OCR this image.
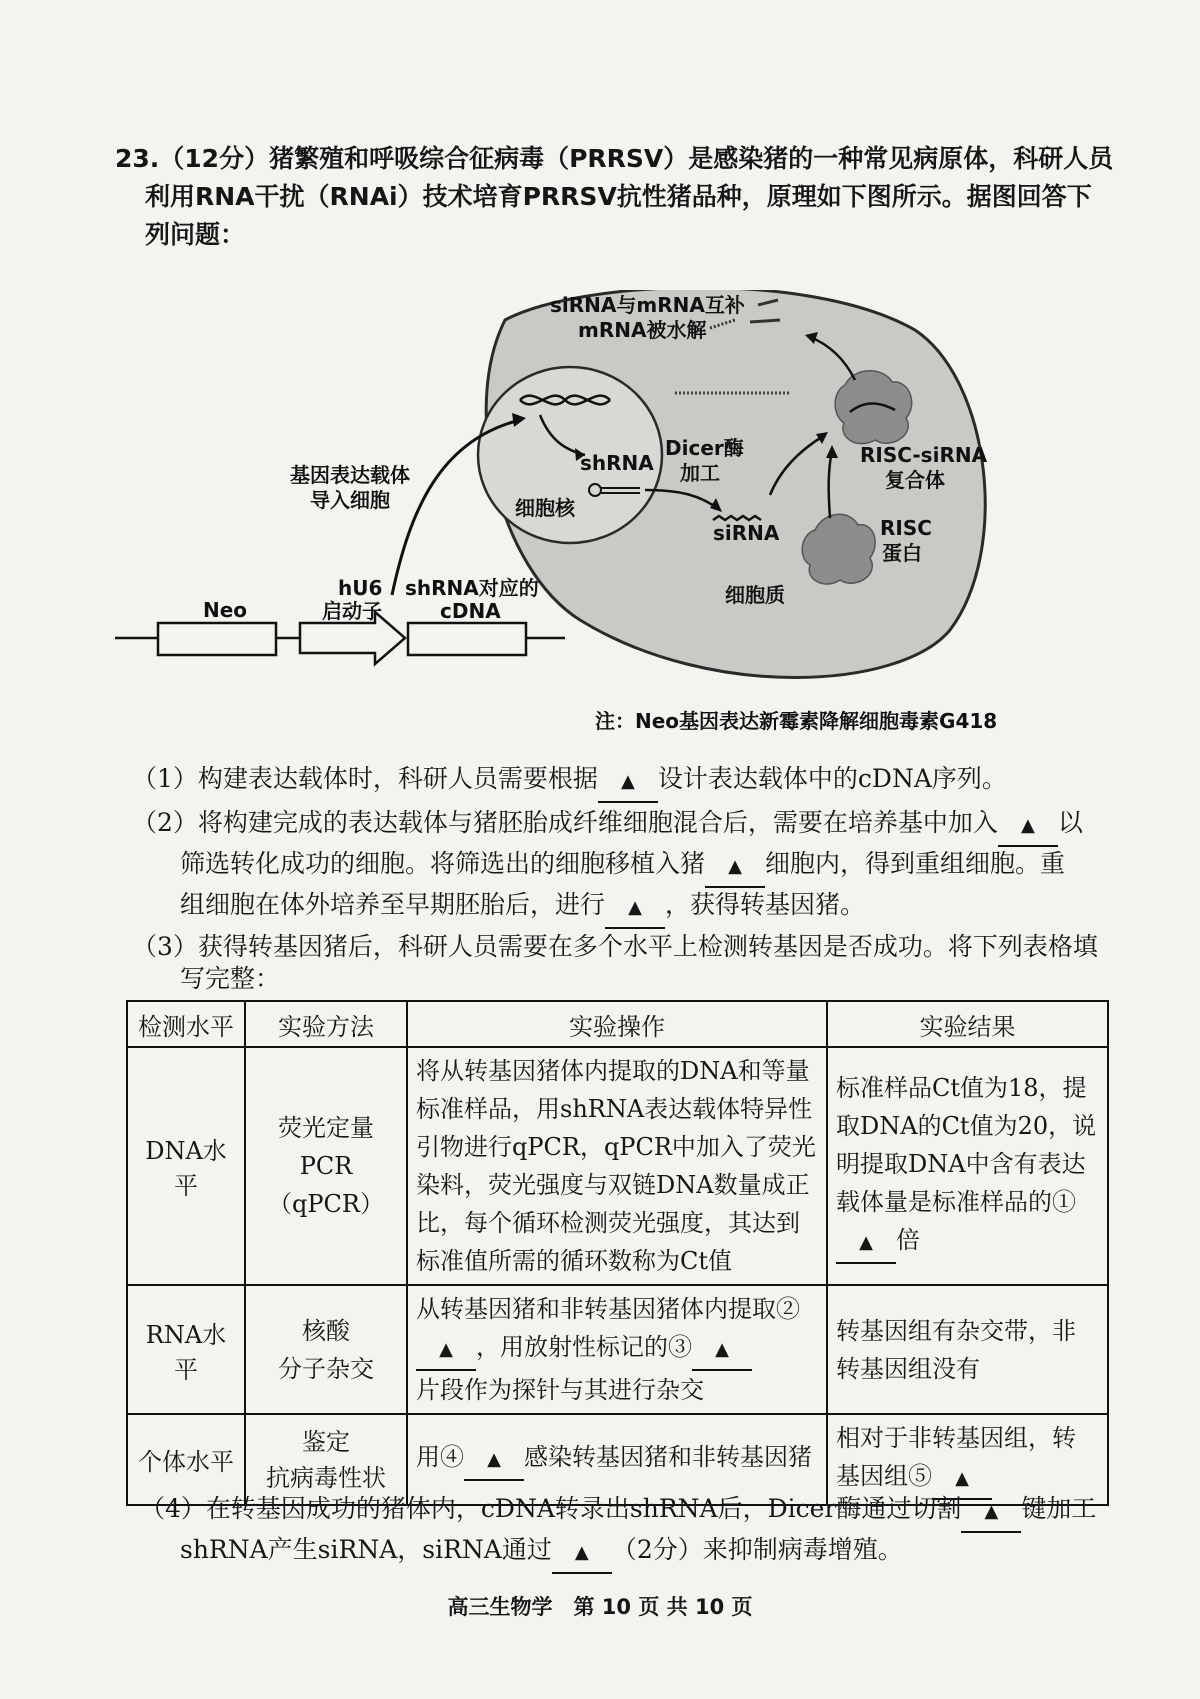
23.（12分）猪繁殖和呼吸综合征病毒（PRRSV）是感染猪的一种常见病原体，科研人员
利用RNA干扰（RNAi）技术培育PRRSV抗性猪品种，原理如下图所示。据图回答下
列问题：
siRNA与mRNA互补
mRNA被水解
Dicer酶
加工
shRNA
细胞核
siRNA
RISC-siRNA
复合体
RISC
蛋白
细胞质
基因表达载体
导入细胞
Neo
hU6
启动子
shRNA对应的
cDNA
注：Neo基因表达新霉素降解细胞毒素G418
（1）构建表达载体时，科研人员需要根据 ▲ 设计表达载体中的cDNA序列。
（2）将构建完成的表达载体与猪胚胎成纤维细胞混合后，需要在培养基中加入 ▲ 以
筛选转化成功的细胞。将筛选出的细胞移植入猪 ▲ 细胞内，得到重组细胞。重
组细胞在体外培养至早期胚胎后，进行 ▲ ，获得转基因猪。
（3）获得转基因猪后，科研人员需要在多个水平上检测转基因是否成功。将下列表格填
写完整：
检测水平	实验方法	实验操作	实验结果
DNA水平	荧光定量
PCR
（qPCR）	将从转基因猪体内提取的DNA和等量标准样品，用shRNA表达载体特异性引物进行qPCR，qPCR中加入了荧光染料，荧光强度与双链DNA数量成正比，每个循环检测荧光强度，其达到标准值所需的循环数称为Ct值	标准样品Ct值为18，提取DNA的Ct值为20，说明提取DNA中含有表达载体量是标准样品的①▲ 倍
RNA水平	核酸
分子杂交	从转基因猪和非转基因猪体内提取②▲ ，用放射性标记的③ ▲
片段作为探针与其进行杂交	转基因组有杂交带，非转基因组没有
个体水平	鉴定
抗病毒性状	用④ ▲ 感染转基因猪和非转基因猪	相对于非转基因组，转基因组⑤ ▲
（4）在转基因成功的猪体内，cDNA转录出shRNA后，Dicer酶通过切割 ▲ 键加工
shRNA产生siRNA，siRNA通过 ▲ （2分）来抑制病毒增殖。
高三生物学　第 10 页 共 10 页
